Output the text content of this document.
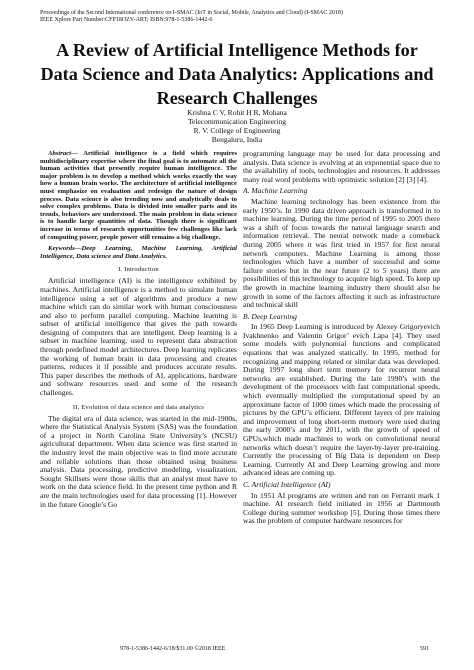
Proceedings of the Second International conference on I-SMAC (IoT in Social, Mobile, Analytics and Cloud) (I-SMAC 2018)
IEEE Xplore Part Number:CFP18OZV-ART; ISBN:978-1-5386-1442-6
A Review of Artificial Intelligence Methods for
Data Science and Data Analytics: Applications and
Research Challenges
Krishna C V, Rohit H R, Mohana
Telecommunication Engineering
R. V. College of Engineering
Bengaluru, India

Abstract— Artificial intelligence is a field which requires multidisciplinary expertise where the final goal is to automate all the human activities that presently require human intelligence. The major problem is to develop a method which works exactly the way how a human brain works. The architecture of artificial intelligence must emphasize on evaluation and redesign the nature of design process. Data science is also trending now and analytically deals to solve complex problems. Data is divided into smaller parts and its trends, behaviors are understood. The main problem in data science is to handle large quantities of data. Though there is significant increase in terms of research opportunities few challenges like lack of computing power, people power still remains a big challenge.

Keywords—Deep Learning, Machine Learning, Artificial Intelligence, Data science and Data Analytics.

I. Introduction

Artificial intelligence (AI) is the intelligence exhibited by machines. Artificial intelligence is a method to simulate human intelligence using a set of algorithms and produce a new machine which can do similar work with human consciousness and also to perform parallel computing. Machine learning is subset of artificial intelligence that gives the path towards designing of computers that are intelligent. Deep learning is a subset in machine learning, used to represent data abstraction through predefined model architectures. Deep learning replicates the working of human brain in data processing and creates patterns, reduces it if possible and produces accurate results. This paper describes the methods of AI, applications, hardware and software resources used and some of the research challenges.

II. Evolution of data science and data analytics

The digital era of data science, was started in the mid-1900s, where the Statistical Analysis System (SAS) was the foundation of a project in North Carolina State University’s (NCSU) agricultural department. When data science was first started in the industry level the main objective was to find more accurate and reliable solutions than those obtained using business analysis. Data processing, predictive modeling, visualization, Sought Skillsets were those skills that an analyst must have to work on the data science field. In the present time python and R are the main technologies used for data processing [1]. However in the future Google’s Go

programming language may be used for data processing and analysis. Data science is evolving at an exponential space due to the availability of tools, technologies and resources. It addresses many real word problems with optimistic solution [2] [3] [4].

A. Machine Learning

Machine learning technology has been existence from the early 1950’s. In 1990 data driven approach is transformed in to machine learning. During the time period of 1995 to 2005 there was a shift of focus towards the natural language search and information retrieval. The neural network made a comeback during 2005 where it was first tried in 1957 for first neural network computers. Machine Learning is among those technologies which have a number of successful and some failure stories but in the near future (2 to 5 years) there are possibilities of this technology to acquire high speed. To keep up the growth in machine learning industry there should also be growth in some of the factors affecting it such as infrastructure and technical skill

B. Deep Learning

In 1965 Deep Learning is introduced by Alexey Grigoryevich Ivakhnenko and Valentin Grigor’ evich Lapa [4]. They used some models with polynomial functions and complicated equations that was analyzed statically. In 1995, method for recognizing and mapping related or similar data was developed. During 1997 long short term memory for recurrent neural networks are established. During the late 1990’s with the development of the processors with fast computational speeds, which eventually multiplied the computational speed by an approximate factor of 1000 times which made the processing of pictures by the GPU’s efficient. Different layers of pre training and improvement of long short-term memory were used during the early 2000’s and by 2011, with the growth of speed of GPUs,which made machines to work on convolutional neural networks which doesn’t require the layer-by-layer pre-training. Currently the processing of Big Data is dependent on Deep Learning. Currently AI and Deep Learning growing and more advanced ideas are coming up.

C. Artificial Intelligence (AI)

In 1951 AI programs are written and run on Ferranti mark 1 machine. AI research field initiated in 1956 at Dartmouth College during summer workshop [5]. During those times there was the problem of computer hardware resources for

978-1-5386-1442-6/18/$31.00 ©2018 IEEE	591
